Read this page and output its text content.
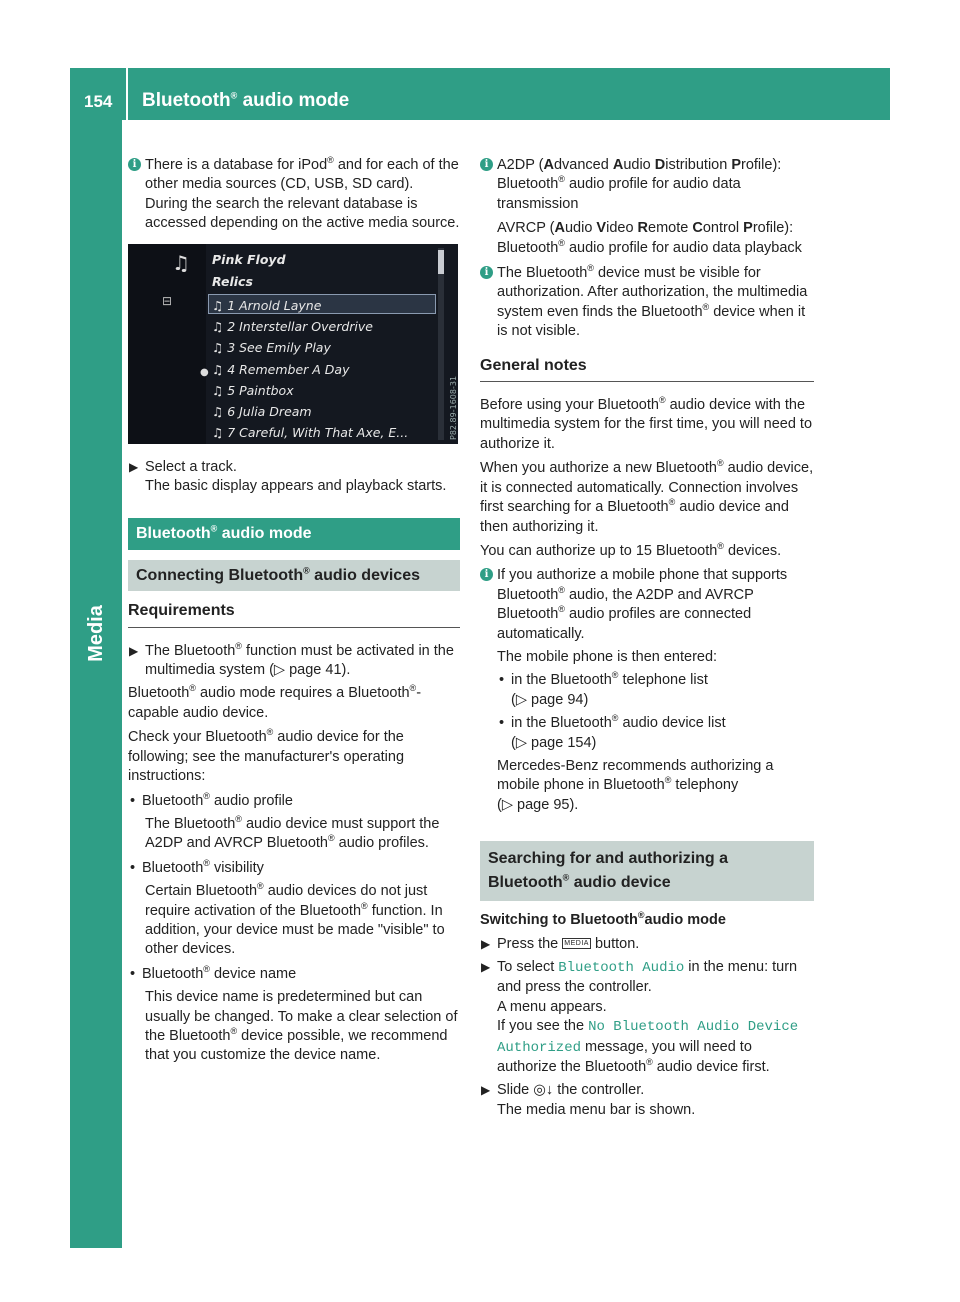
154 Bluetooth® audio mode
Media
i There is a database for iPod® and for each of the other media sources (CD, USB, SD card). During the search the relevant database is accessed depending on the active media source.
♫
⊟
Pink Floyd
Relics
♫ 1 Arnold Layne
♫ 2 Interstellar Overdrive
♫ 3 See Emily Play
● ♫ 4 Remember A Day
♫ 5 Paintbox
♫ 6 Julia Dream
♫ 7 Careful, With That Axe, E...	P82.89-1608-31
▶ Select a track.
The basic display appears and playback starts.
Bluetooth® audio mode
Connecting Bluetooth® audio devices
Requirements
▶ The Bluetooth® function must be activated in the multimedia system (▷ page 41).

Bluetooth® audio mode requires a Bluetooth®-capable audio device.

Check your Bluetooth® audio device for the following; see the manufacturer's operating instructions:

• Bluetooth® audio profile

The Bluetooth® audio device must support the A2DP and AVRCP Bluetooth® audio profiles.

• Bluetooth® visibility

Certain Bluetooth® audio devices do not just require activation of the Bluetooth® function. In addition, your device must be made "visible" to other devices.

• Bluetooth® device name

This device name is predetermined but can usually be changed. To make a clear selection of the Bluetooth® device possible, we recommend that you customize the device name.

i A2DP (Advanced Audio Distribution Profile):
Bluetooth® audio profile for audio data transmission
AVRCP (Audio Video Remote Control Profile):
Bluetooth® audio profile for audio data playback
i The Bluetooth® device must be visible for authorization. After authorization, the multimedia system even finds the Bluetooth® device when it is not visible.
General notes

Before using your Bluetooth® audio device with the multimedia system for the first time, you will need to authorize it.

When you authorize a new Bluetooth® audio device, it is connected automatically. Connection involves first searching for a Bluetooth® audio device and then authorizing it.

You can authorize up to 15 Bluetooth® devices.

i If you authorize a mobile phone that supports Bluetooth® audio, the A2DP and AVRCP Bluetooth® audio profiles are connected automatically.
The mobile phone is then entered:
• in the Bluetooth® telephone list
(▷ page 94)
• in the Bluetooth® audio device list
(▷ page 154)
Mercedes-Benz recommends authorizing a mobile phone in Bluetooth® telephony
(▷ page 95).
Searching for and authorizing a Bluetooth® audio device
Switching to Bluetooth®audio mode
▶ Press the MEDIA button.
▶ To select Bluetooth Audio in the menu: turn and press the controller.
A menu appears.
If you see the No Bluetooth Audio Device Authorized message, you will need to authorize the Bluetooth® audio device first.
▶ Slide ◎↓ the controller.
The media menu bar is shown.
